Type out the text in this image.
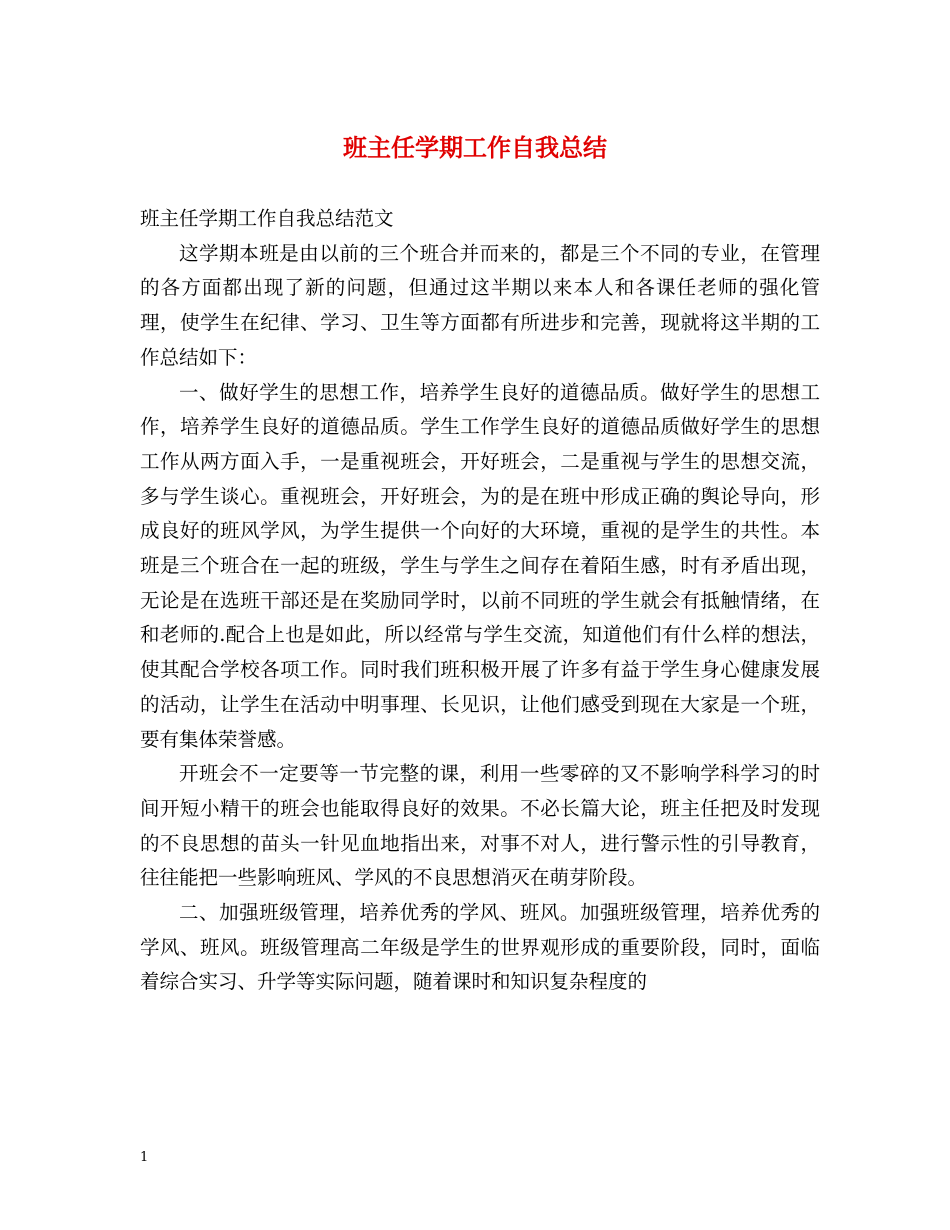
班主任学期工作自我总结

班主任学期工作自我总结范文

这学期本班是由以前的三个班合并而来的，都是三个不同的专业，在管理的各方面都出现了新的问题，但通过这半期以来本人和各课任老师的强化管理，使学生在纪律、学习、卫生等方面都有所进步和完善，现就将这半期的工作总结如下：

一、做好学生的思想工作，培养学生良好的道德品质。做好学生的思想工作，培养学生良好的道德品质。学生工作学生良好的道德品质做好学生的思想工作从两方面入手，一是重视班会，开好班会，二是重视与学生的思想交流，多与学生谈心。重视班会，开好班会，为的是在班中形成正确的舆论导向，形成良好的班风学风，为学生提供一个向好的大环境，重视的是学生的共性。本班是三个班合在一起的班级，学生与学生之间存在着陌生感，时有矛盾出现，无论是在选班干部还是在奖励同学时，以前不同班的学生就会有抵触情绪，在和老师的.配合上也是如此，所以经常与学生交流，知道他们有什么样的想法，使其配合学校各项工作。同时我们班积极开展了许多有益于学生身心健康发展的活动，让学生在活动中明事理、长见识，让他们感受到现在大家是一个班，要有集体荣誉感。

开班会不一定要等一节完整的课，利用一些零碎的又不影响学科学习的时间开短小精干的班会也能取得良好的效果。不必长篇大论，班主任把及时发现的不良思想的苗头一针见血地指出来，对事不对人，进行警示性的引导教育，往往能把一些影响班风、学风的不良思想消灭在萌芽阶段。

二、加强班级管理，培养优秀的学风、班风。加强班级管理，培养优秀的学风、班风。班级管理高二年级是学生的世界观形成的重要阶段，同时，面临着综合实习、升学等实际问题，随着课时和知识复杂程度的

1
